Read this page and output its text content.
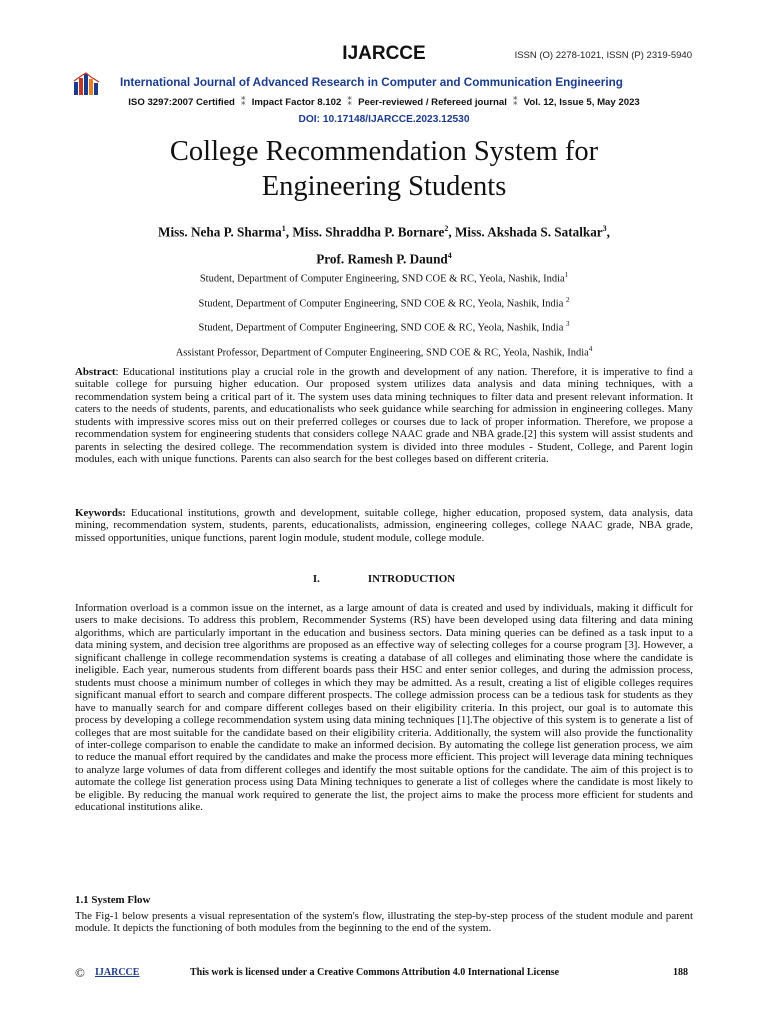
IJARCCE	ISSN (O) 2278-1021, ISSN (P) 2319-5940
International Journal of Advanced Research in Computer and Communication Engineering
ISO 3297:2007 Certified ⁑ Impact Factor 8.102 ⁑ Peer-reviewed / Refereed journal ⁑ Vol. 12, Issue 5, May 2023
DOI: 10.17148/IJARCCE.2023.12530
College Recommendation System for
Engineering Students
Miss. Neha P. Sharma$^1$, Miss. Shraddha P. Bornare$^2$, Miss. Akshada S. Satalkar$^3$,
Prof. Ramesh P. Daund$^4$
Student, Department of Computer Engineering, SND COE & RC, Yeola, Nashik, India$^1$
Student, Department of Computer Engineering, SND COE & RC, Yeola, Nashik, India $^2$
Student, Department of Computer Engineering, SND COE & RC, Yeola, Nashik, India $^3$
Assistant Professor, Department of Computer Engineering, SND COE & RC, Yeola, Nashik, India$^4$
Abstract: Educational institutions play a crucial role in the growth and development of any nation. Therefore, it is imperative to find a suitable college for pursuing higher education. Our proposed system utilizes data analysis and data mining techniques, with a recommendation system being a critical part of it. The system uses data mining techniques to filter data and present relevant information. It caters to the needs of students, parents, and educationalists who seek guidance while searching for admission in engineering colleges. Many students with impressive scores miss out on their preferred colleges or courses due to lack of proper information. Therefore, we propose a recommendation system for engineering students that considers college NAAC grade and NBA grade.[2] this system will assist students and parents in selecting the desired college. The recommendation system is divided into three modules - Student, College, and Parent login modules, each with unique functions. Parents can also search for the best colleges based on different criteria.
Keywords: Educational institutions, growth and development, suitable college, higher education, proposed system, data analysis, data mining, recommendation system, students, parents, educationalists, admission, engineering colleges, college NAAC grade, NBA grade, missed opportunities, unique functions, parent login module, student module, college module.
I.	INTRODUCTION
Information overload is a common issue on the internet, as a large amount of data is created and used by individuals, making it difficult for users to make decisions. To address this problem, Recommender Systems (RS) have been developed using data filtering and data mining algorithms, which are particularly important in the education and business sectors. Data mining queries can be defined as a task input to a data mining system, and decision tree algorithms are proposed as an effective way of selecting colleges for a course program [3]. However, a significant challenge in college recommendation systems is creating a database of all colleges and eliminating those where the candidate is ineligible. Each year, numerous students from different boards pass their HSC and enter senior colleges, and during the admission process, students must choose a minimum number of colleges in which they may be admitted. As a result, creating a list of eligible colleges requires significant manual effort to search and compare different prospects. The college admission process can be a tedious task for students as they have to manually search for and compare different colleges based on their eligibility criteria. In this project, our goal is to automate this process by developing a college recommendation system using data mining techniques [1].The objective of this system is to generate a list of colleges that are most suitable for the candidate based on their eligibility criteria. Additionally, the system will also provide the functionality of inter-college comparison to enable the candidate to make an informed decision. By automating the college list generation process, we aim to reduce the manual effort required by the candidates and make the process more efficient. This project will leverage data mining techniques to analyze large volumes of data from different colleges and identify the most suitable options for the candidate. The aim of this project is to automate the college list generation process using Data Mining techniques to generate a list of colleges where the candidate is most likely to be eligible. By reducing the manual work required to generate the list, the project aims to make the process more efficient for students and educational institutions alike.
1.1 System Flow
The Fig-1 below presents a visual representation of the system's flow, illustrating the step-by-step process of the student module and parent module. It depicts the functioning of both modules from the beginning to the end of the system.
© IJARCCE	This work is licensed under a Creative Commons Attribution 4.0 International License	188
